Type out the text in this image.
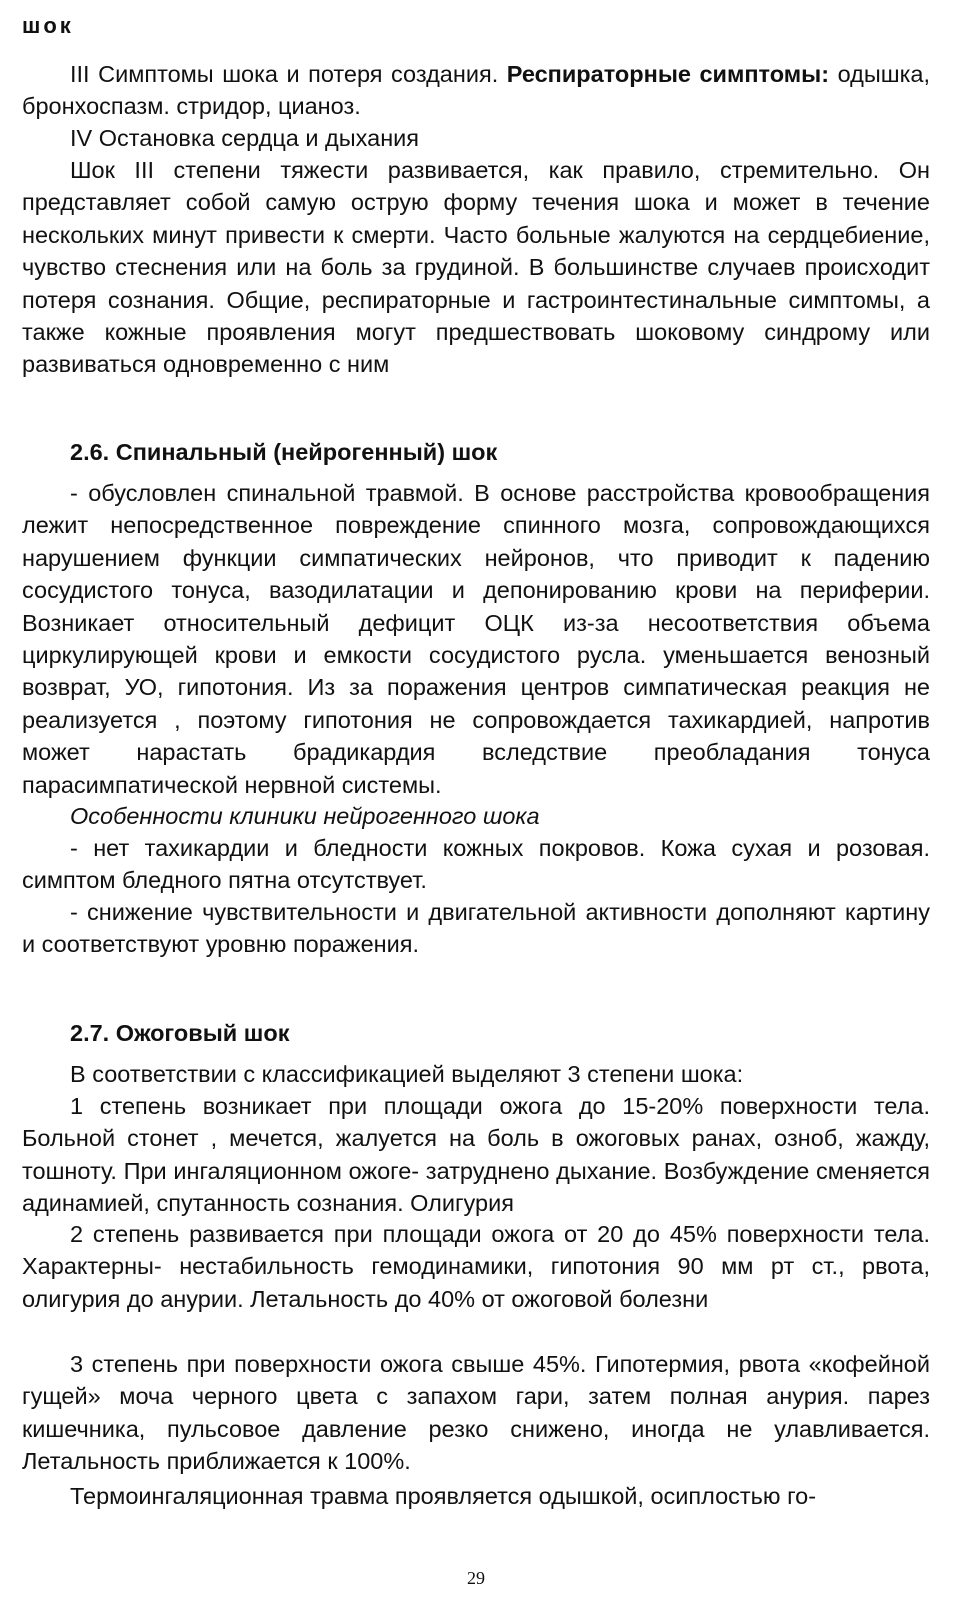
шок

III Симптомы шока и потеря создания. Респираторные симптомы: одышка, бронхоспазм. стридор, цианоз.

IV Остановка сердца и дыхания

Шок III степени тяжести развивается, как правило, стремительно. Он представляет собой самую острую форму течения шока и может в течение нескольких минут привести к смерти. Часто больные жалуются на сердцебиение, чувство стеснения или на боль за грудиной. В большинстве случаев происходит потеря сознания. Общие, респираторные и гастроинтестинальные симптомы, а также кожные проявления могут предшествовать шоковому синдрому или развиваться одновременно с ним

2.6. Спинальный (нейрогенный) шок

- обусловлен спинальной травмой. В основе расстройства кровообращения лежит непосредственное повреждение спинного мозга, сопровождающихся нарушением функции симпатических нейронов, что приводит к падению сосудистого тонуса, вазодилатации и депонированию крови на периферии. Возникает относительный дефицит ОЦК из-за несоответствия объема циркулирующей крови и емкости сосудистого русла. уменьшается венозный возврат, УО, гипотония. Из за поражения центров симпатическая реакция не реализуется , поэтому гипотония не сопровождается тахикардией, напротив может нарастать брадикардия вследствие преобладания тонуса парасимпатической нервной системы.

Особенности клиники нейрогенного шока

- нет тахикардии и бледности кожных покровов. Кожа сухая и розовая. симптом бледного пятна отсутствует.

- снижение чувствительности и двигательной активности дополняют картину и соответствуют уровню поражения.

2.7. Ожоговый шок

В соответствии с классификацией выделяют 3 степени шока:

1 степень возникает при площади ожога до 15-20% поверхности тела. Больной стонет , мечется, жалуется на боль в ожоговых ранах, озноб, жажду, тошноту. При ингаляционном ожоге- затруднено дыхание. Возбуждение сменяется адинамией, спутанность сознания. Олигурия

2 степень развивается при площади ожога от 20 до 45% поверхности тела. Характерны- нестабильность гемодинамики, гипотония 90 мм рт ст., рвота, олигурия до анурии. Летальность до 40% от ожоговой болезни

3 степень при поверхности ожога свыше 45%. Гипотермия, рвота «кофейной гущей» моча черного цвета с запахом гари, затем полная анурия. парез кишечника, пульсовое давление резко снижено, иногда не улавливается. Летальность приближается к 100%.

Термоингаляционная травма проявляется одышкой, осиплостью го-

29
